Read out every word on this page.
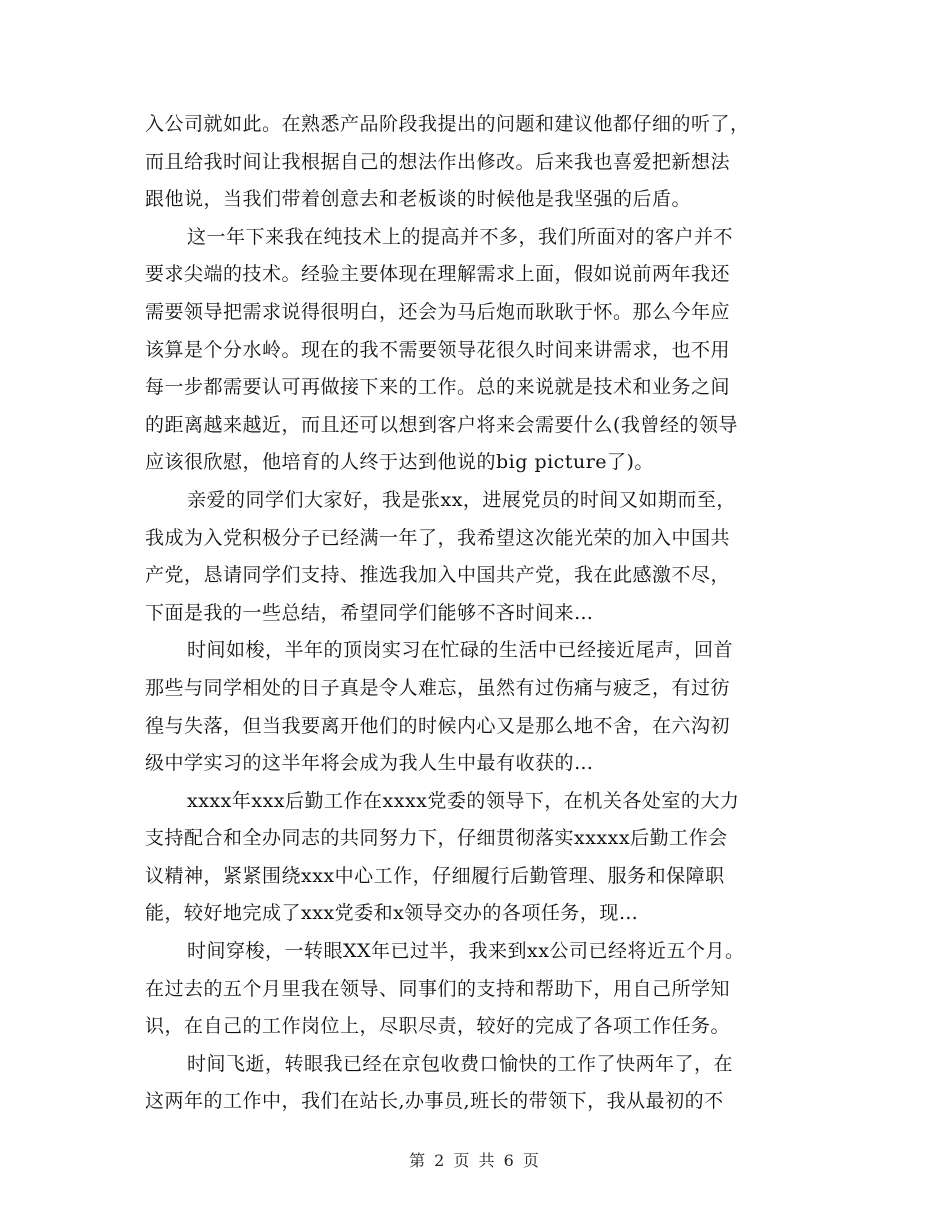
入公司就如此。在熟悉产品阶段我提出的问题和建议他都仔细的听了，
而且给我时间让我根据自己的想法作出修改。后来我也喜爱把新想法
跟他说，当我们带着创意去和老板谈的时候他是我坚强的后盾。

这一年下来我在纯技术上的提高并不多，我们所面对的客户并不
要求尖端的技术。经验主要体现在理解需求上面，假如说前两年我还
需要领导把需求说得很明白，还会为马后炮而耿耿于怀。那么今年应
该算是个分水岭。现在的我不需要领导花很久时间来讲需求，也不用
每一步都需要认可再做接下来的工作。总的来说就是技术和业务之间
的距离越来越近，而且还可以想到客户将来会需要什么(我曾经的领导
应该很欣慰，他培育的人终于达到他说的big picture了)。

亲爱的同学们大家好，我是张xx，进展党员的时间又如期而至，
我成为入党积极分子已经满一年了，我希望这次能光荣的加入中国共
产党，恳请同学们支持、推选我加入中国共产党，我在此感激不尽，
下面是我的一些总结，希望同学们能够不吝时间来…

时间如梭，半年的顶岗实习在忙碌的生活中已经接近尾声，回首
那些与同学相处的日子真是令人难忘，虽然有过伤痛与疲乏，有过彷
徨与失落，但当我要离开他们的时候内心又是那么地不舍，在六沟初
级中学实习的这半年将会成为我人生中最有收获的…

xxxx年xxx后勤工作在xxxx党委的领导下，在机关各处室的大力
支持配合和全办同志的共同努力下，仔细贯彻落实xxxxx后勤工作会
议精神，紧紧围绕xxx中心工作，仔细履行后勤管理、服务和保障职
能，较好地完成了xxx党委和x领导交办的各项任务，现…

时间穿梭，一转眼XX年已过半，我来到xx公司已经将近五个月。
在过去的五个月里我在领导、同事们的支持和帮助下，用自己所学知
识，在自己的工作岗位上，尽职尽责，较好的完成了各项工作任务。

时间飞逝，转眼我已经在京包收费口愉快的工作了快两年了，在
这两年的工作中，我们在站长,办事员,班长的带领下，我从最初的不

第 2 页 共 6 页
